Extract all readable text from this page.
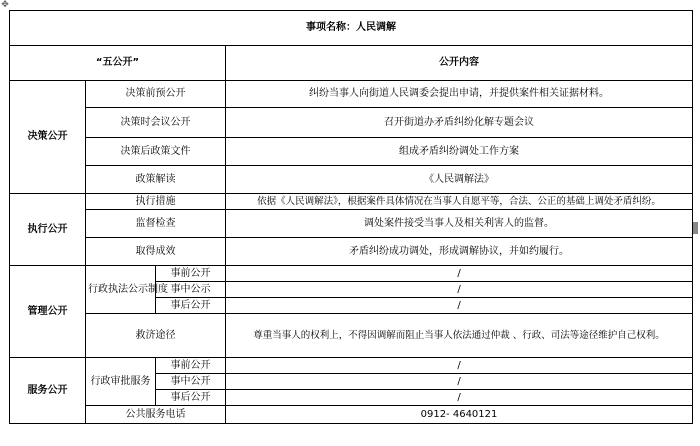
✥
事项名称：人民调解			
“五公开”			公开内容
决策公开	决策前预公开		纠纷当事人向街道人民调委会提出申请，并提供案件相关证据材料。
	决策时会议公开		召开街道办矛盾纠纷化解专题会议
	决策后政策文件		组成矛盾纠纷调处工作方案
	政策解读		《人民调解法》
执行公开	执行措施		依据《人民调解法》，根据案件具体情况在当事人自愿平等，合法、公正的基础上调处矛盾纠纷。
	监督检查		调处案件接受当事人及相关利害人的监督。
	取得成效		矛盾纠纷成功调处，形成调解协议，并如约履行。
管理公开	行政执法公示制度	事前公开	/
		事中公示	/
		事后公开	/
	救济途径		尊重当事人的权利上，不得因调解而阻止当事人依法通过仲裁 、行政、司法等途径维护自己权利。
服务公开	行政审批服务	事前公开	/
		事中公开	/
		事后公开	/
	公共服务电话		0912- 4640121
